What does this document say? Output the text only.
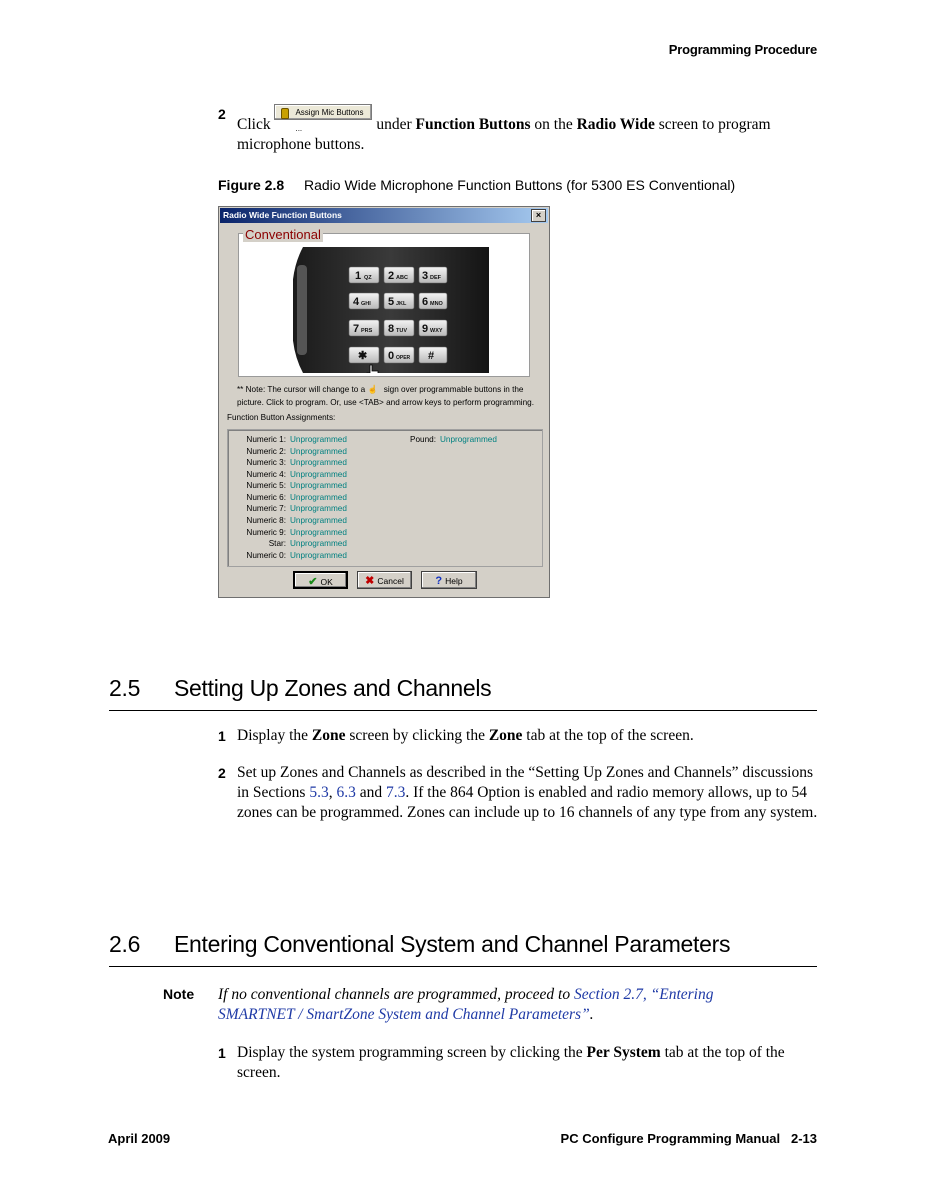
Programming Procedure
2
Click
Assign Mic Buttons ...	under Function Buttons on the Radio Wide screen to program microphone buttons.
Figure 2.8 Radio Wide Microphone Function Buttons (for 5300 ES Conventional)
Radio Wide Function Buttons	×
Conventional
1 QZ 2 ABC 3 DEF
4 GHI 5 JKL 6 MNO
7 PRS 8 TUV 9 WXY
✱ 0 OPER #
** Note: The cursor will change to a ☝ sign over programmable buttons in the
picture. Click to program. Or, use <TAB> and arrow keys to perform programming.
Function Button Assignments:
Numeric 1: Unprogrammed
Numeric 2: Unprogrammed
Numeric 3: Unprogrammed
Numeric 4: Unprogrammed
Numeric 5: Unprogrammed
Numeric 6: Unprogrammed
Numeric 7: Unprogrammed
Numeric 8: Unprogrammed
Numeric 9: Unprogrammed
Star: Unprogrammed
Numeric 0: Unprogrammed
Pound: Unprogrammed
✔ OK	✖ Cancel	? Help
2.5 Setting Up Zones and Channels
1 Display the Zone screen by clicking the Zone tab at the top of the screen.
2 Set up Zones and Channels as described in the “Setting Up Zones and Channels” discussions in Sections 5.3, 6.3 and 7.3. If the 864 Option is enabled and radio memory allows, up to 54 zones can be programmed. Zones can include up to 16 channels of any type from any system.
2.6 Entering Conventional System and Channel Parameters
Note If no conventional channels are programmed, proceed to Section 2.7, “Entering SMARTNET / SmartZone System and Channel Parameters”.
1 Display the system programming screen by clicking the Per System tab at the top of the screen.
April 2009	PC Configure Programming Manual 2-13
